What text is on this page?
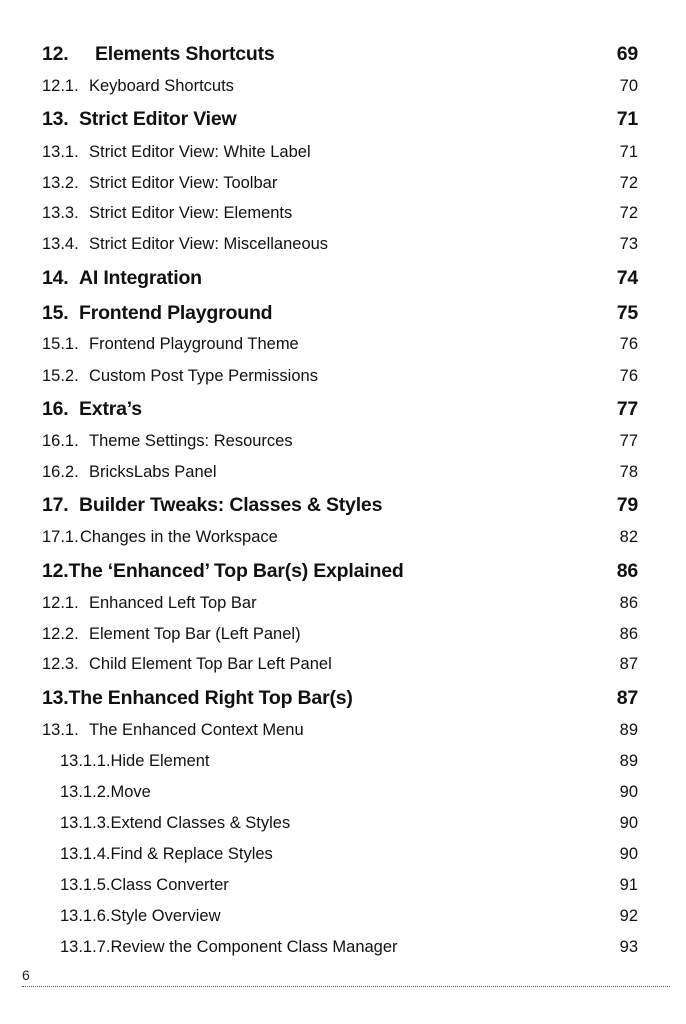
12.	Elements Shortcuts	69
12.1. Keyboard Shortcuts	70
13. Strict Editor View	71
13.1. Strict Editor View: White Label	71
13.2. Strict Editor View: Toolbar	72
13.3. Strict Editor View: Elements	72
13.4. Strict Editor View: Miscellaneous	73
14. AI Integration	74
15. Frontend Playground	75
15.1. Frontend Playground Theme	76
15.2. Custom Post Type Permissions	76
16. Extra’s	77
16.1. Theme Settings: Resources	77
16.2. BricksLabs Panel	78
17. Builder Tweaks: Classes & Styles	79
17.1. Changes in the Workspace	82
12. The ‘Enhanced’ Top Bar(s) Explained	86
12.1. Enhanced Left Top Bar	86
12.2. Element Top Bar (Left Panel)	86
12.3. Child Element Top Bar Left Panel	87
13. The Enhanced Right Top Bar(s)	87
13.1. The Enhanced Context Menu	89
13.1.1. Hide Element	89
13.1.2. Move	90
13.1.3. Extend Classes & Styles	90
13.1.4. Find & Replace Styles	90
13.1.5. Class Converter	91
13.1.6. Style Overview	92
13.1.7. Review the Component Class Manager	93
6
